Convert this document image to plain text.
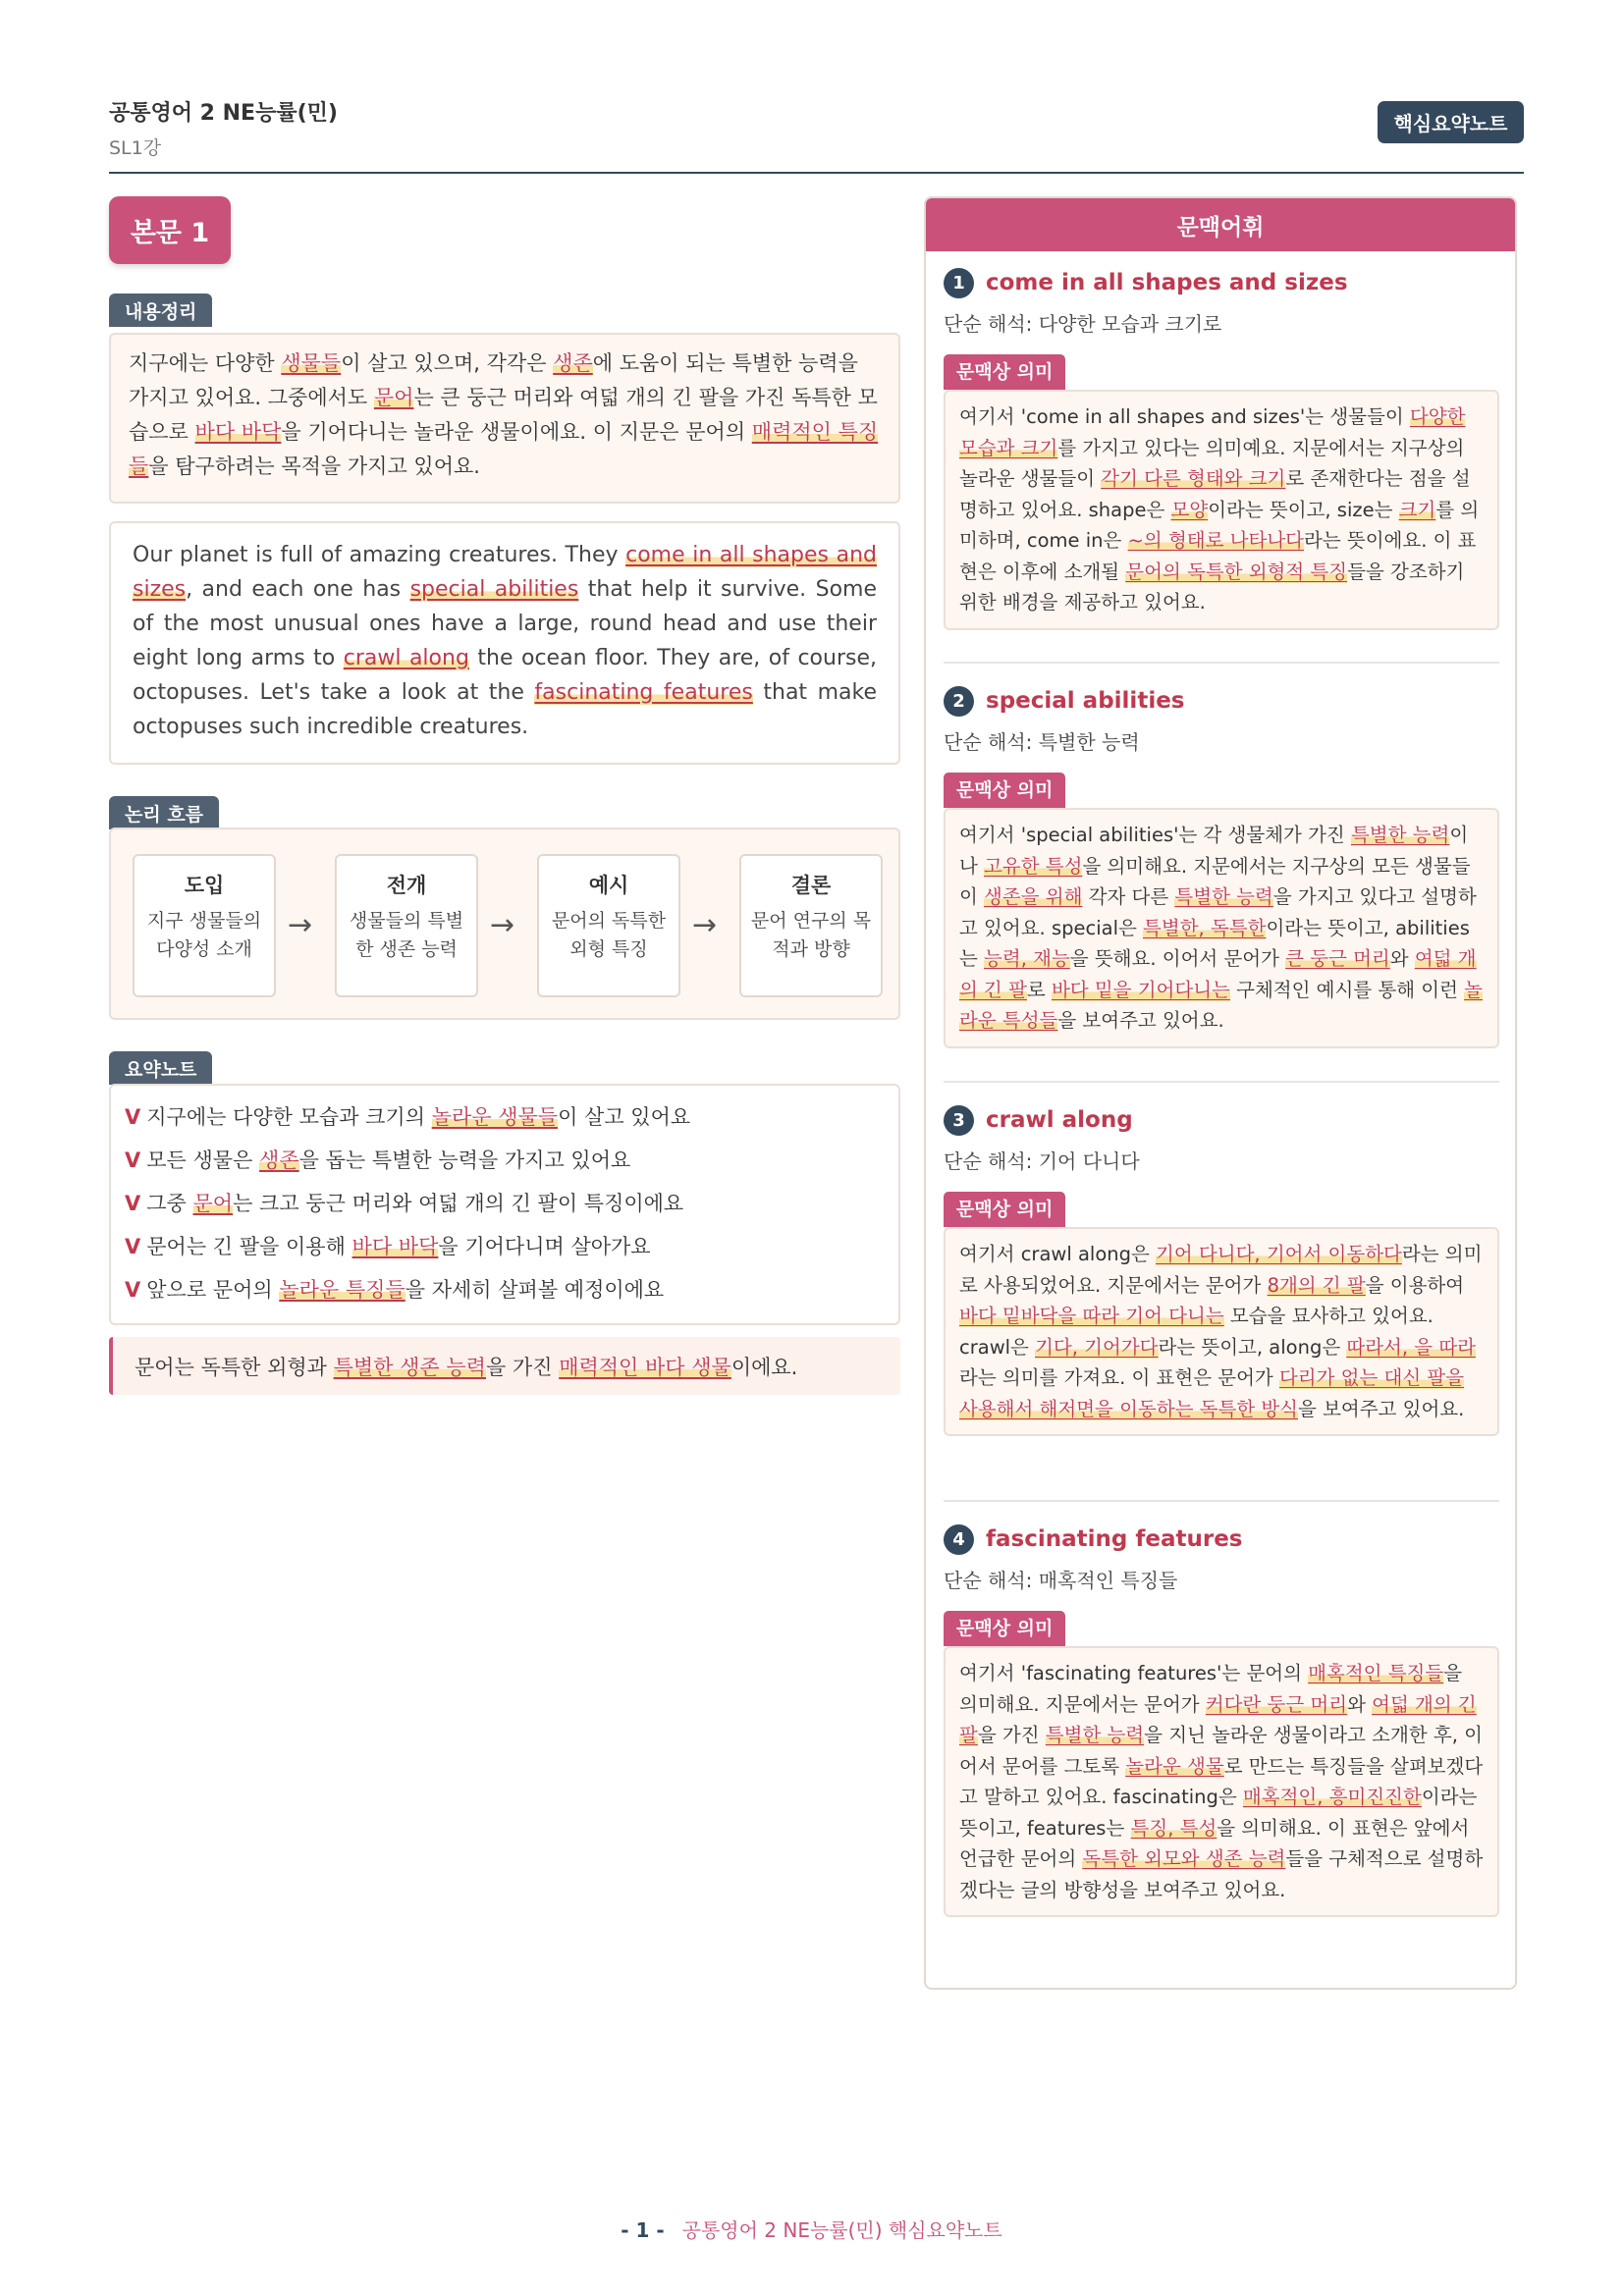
공통영어 2 NE능률(민)
SL1강
핵심요약노트
본문 1
내용정리
지구에는 다양한 생물들이 살고 있으며, 각각은 생존에 도움이 되는 특별한 능력을 가지고 있어요. 그중에서도 문어는 큰 둥근 머리와 여덟 개의 긴 팔을 가진 독특한 모습으로 바다 바닥을 기어다니는 놀라운 생물이에요. 이 지문은 문어의 매력적인 특징들을 탐구하려는 목적을 가지고 있어요.
Our planet is full of amazing creatures. They come in all shapes and sizes, and each one has special abilities that help it survive. Some of the most unusual ones have a large, round head and use their eight long arms to crawl along the ocean floor. They are, of course, octopuses. Let's take a look at the fascinating features that make octopuses such incredible creatures.
논리 흐름
도입
지구 생물들의 다양성 소개
→
전개
생물들의 특별한 생존 능력
→
예시
문어의 독특한 외형 특징
→
결론
문어 연구의 목적과 방향
요약노트
V 지구에는 다양한 모습과 크기의 놀라운 생물들이 살고 있어요
V 모든 생물은 생존을 돕는 특별한 능력을 가지고 있어요
V 그중 문어는 크고 둥근 머리와 여덟 개의 긴 팔이 특징이에요
V 문어는 긴 팔을 이용해 바다 바닥을 기어다니며 살아가요
V 앞으로 문어의 놀라운 특징들을 자세히 살펴볼 예정이에요
문어는 독특한 외형과 특별한 생존 능력을 가진 매력적인 바다 생물이에요.
문맥어휘
1 come in all shapes and sizes
단순 해석: 다양한 모습과 크기로
문맥상 의미
여기서 'come in all shapes and sizes'는 생물들이 다양한 모습과 크기를 가지고 있다는 의미예요. 지문에서는 지구상의 놀라운 생물들이 각기 다른 형태와 크기로 존재한다는 점을 설명하고 있어요. shape은 모양이라는 뜻이고, size는 크기를 의미하며, come in은 ~의 형태로 나타나다라는 뜻이에요. 이 표현은 이후에 소개될 문어의 독특한 외형적 특징들을 강조하기 위한 배경을 제공하고 있어요.
2 special abilities
단순 해석: 특별한 능력
문맥상 의미
여기서 'special abilities'는 각 생물체가 가진 특별한 능력이나 고유한 특성을 의미해요. 지문에서는 지구상의 모든 생물들이 생존을 위해 각자 다른 특별한 능력을 가지고 있다고 설명하고 있어요. special은 특별한, 독특한이라는 뜻이고, abilities는 능력, 재능을 뜻해요. 이어서 문어가 큰 둥근 머리와 여덟 개의 긴 팔로 바다 밑을 기어다니는 구체적인 예시를 통해 이런 놀라운 특성들을 보여주고 있어요.
3 crawl along
단순 해석: 기어 다니다
문맥상 의미
여기서 crawl along은 기어 다니다, 기어서 이동하다라는 의미로 사용되었어요. 지문에서는 문어가 8개의 긴 팔을 이용하여 바다 밑바닥을 따라 기어 다니는 모습을 묘사하고 있어요. crawl은 기다, 기어가다라는 뜻이고, along은 따라서, 을 따라라는 의미를 가져요. 이 표현은 문어가 다리가 없는 대신 팔을 사용해서 해저면을 이동하는 독특한 방식을 보여주고 있어요.
4 fascinating features
단순 해석: 매혹적인 특징들
문맥상 의미
여기서 'fascinating features'는 문어의 매혹적인 특징들을 의미해요. 지문에서는 문어가 커다란 둥근 머리와 여덟 개의 긴 팔을 가진 특별한 능력을 지닌 놀라운 생물이라고 소개한 후, 이어서 문어를 그토록 놀라운 생물로 만드는 특징들을 살펴보겠다고 말하고 있어요. fascinating은 매혹적인, 흥미진진한이라는 뜻이고, features는 특징, 특성을 의미해요. 이 표현은 앞에서 언급한 문어의 독특한 외모와 생존 능력들을 구체적으로 설명하겠다는 글의 방향성을 보여주고 있어요.
- 1 - 공통영어 2 NE능률(민) 핵심요약노트
